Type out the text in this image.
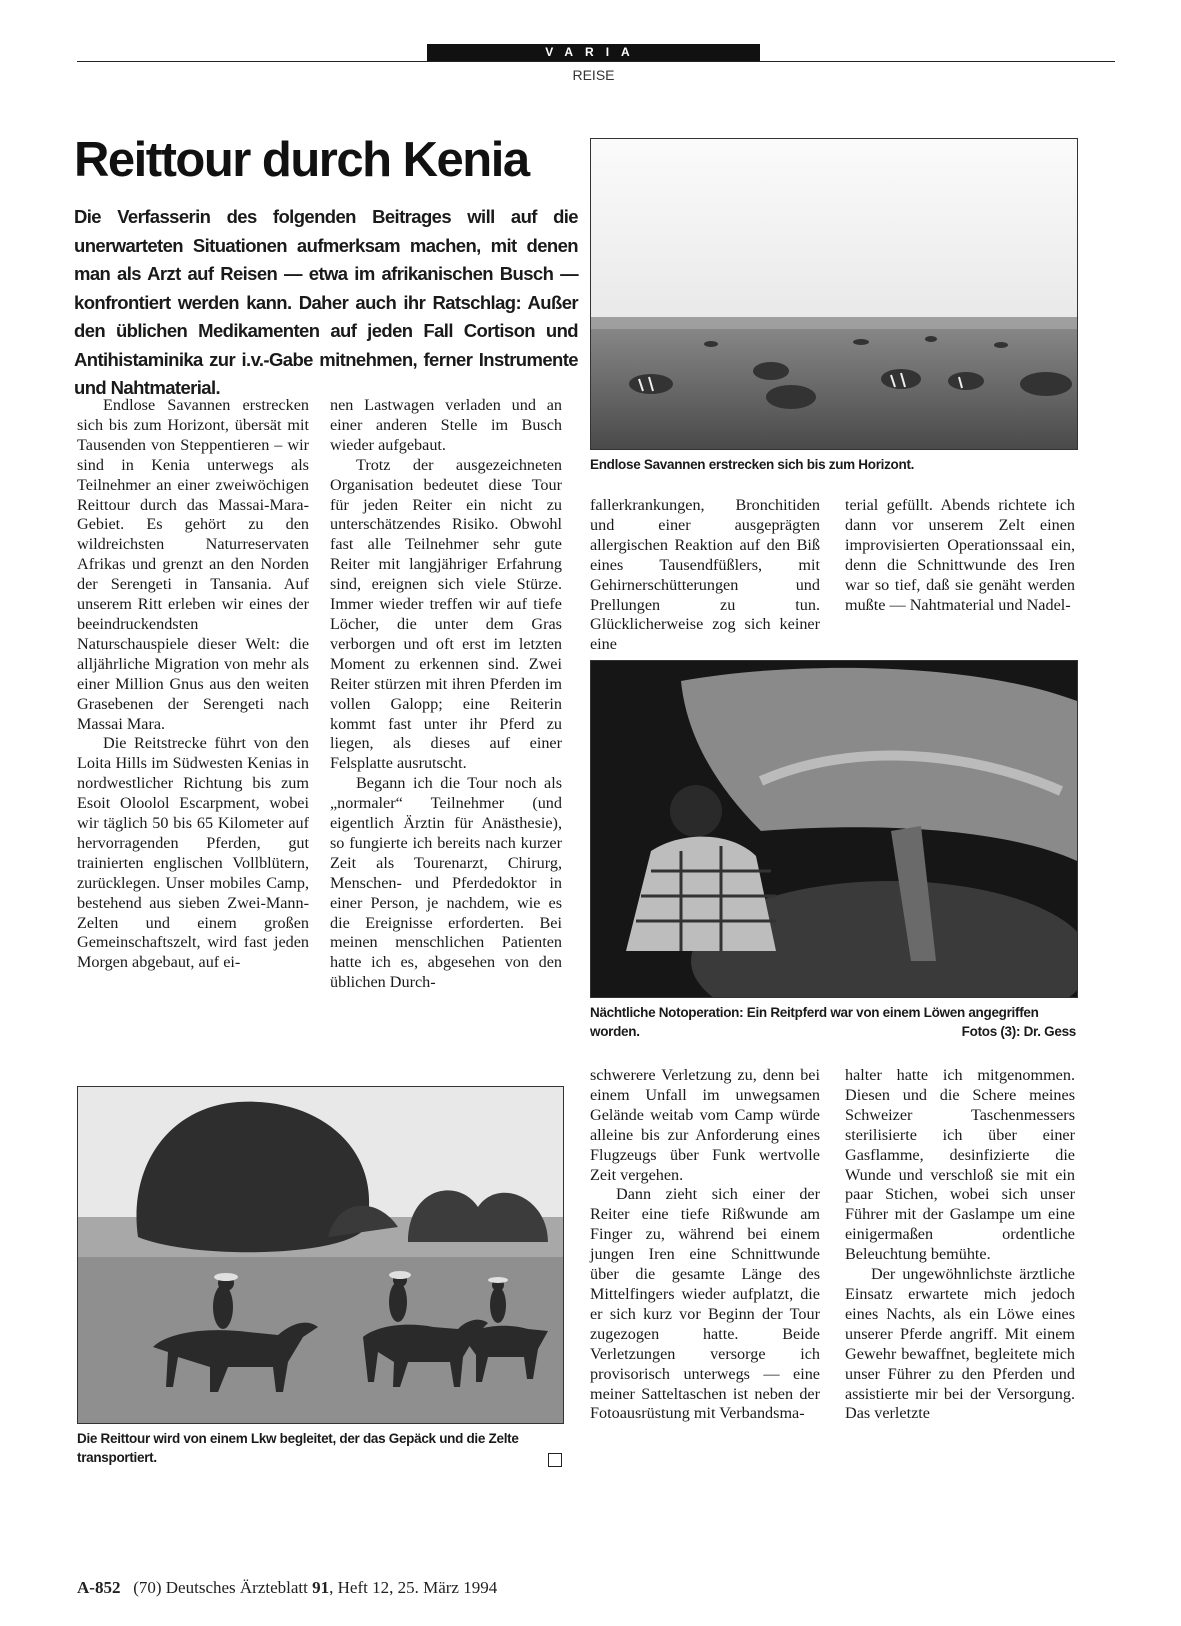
VARIA
REISE
Reittour durch Kenia
Die Verfasserin des folgenden Beitrages will auf die unerwarteten Situationen aufmerksam machen, mit denen man als Arzt auf Reisen — etwa im afrikanischen Busch — konfrontiert werden kann. Daher auch ihr Ratschlag: Außer den üblichen Medikamenten auf jeden Fall Cortison und Antihistaminika zur i.v.-Gabe mitnehmen, ferner Instrumente und Nahtmaterial.

Endlose Savannen erstrecken sich bis zum Horizont, übersät mit Tausenden von Steppentieren – wir sind in Kenia unterwegs als Teilnehmer an einer zweiwöchigen Reittour durch das Massai-Mara-Gebiet. Es gehört zu den wildreichsten Naturreservaten Afrikas und grenzt an den Norden der Serengeti in Tansania. Auf unserem Ritt erleben wir eines der beeindruckendsten Naturschauspiele dieser Welt: die alljährliche Migration von mehr als einer Million Gnus aus den weiten Grasebenen der Serengeti nach Massai Mara.

Die Reitstrecke führt von den Loita Hills im Südwesten Kenias in nordwestlicher Richtung bis zum Esoit Oloolol Escarpment, wobei wir täglich 50 bis 65 Kilometer auf hervorragenden Pferden, gut trainierten englischen Vollblütern, zurücklegen. Unser mobiles Camp, bestehend aus sieben Zwei-Mann-Zelten und einem großen Gemeinschaftszelt, wird fast jeden Morgen abgebaut, auf ei-

nen Lastwagen verladen und an einer anderen Stelle im Busch wieder aufgebaut.

Trotz der ausgezeichneten Organisation bedeutet diese Tour für jeden Reiter ein nicht zu unterschätzendes Risiko. Obwohl fast alle Teilnehmer sehr gute Reiter mit langjähriger Erfahrung sind, ereignen sich viele Stürze. Immer wieder treffen wir auf tiefe Löcher, die unter dem Gras verborgen und oft erst im letzten Moment zu erkennen sind. Zwei Reiter stürzen mit ihren Pferden im vollen Galopp; eine Reiterin kommt fast unter ihr Pferd zu liegen, als dieses auf einer Felsplatte ausrutscht.

Begann ich die Tour noch als „normaler“ Teilnehmer (und eigentlich Ärztin für Anästhesie), so fungierte ich bereits nach kurzer Zeit als Tourenarzt, Chirurg, Menschen- und Pferdedoktor in einer Person, je nachdem, wie es die Ereignisse erforderten. Bei meinen menschlichen Patienten hatte ich es, abgesehen von den üblichen Durch-

Endlose Savannen erstrecken sich bis zum Horizont.

fallerkrankungen, Bronchitiden und einer ausgeprägten allergischen Reaktion auf den Biß eines Tausendfüßlers, mit Gehirnerschütterungen und Prellungen zu tun. Glücklicherweise zog sich keiner eine

terial gefüllt. Abends richtete ich dann vor unserem Zelt einen improvisierten Operationssaal ein, denn die Schnittwunde des Iren war so tief, daß sie genäht werden mußte — Nahtmaterial und Nadel-

Nächtliche Notoperation: Ein Reitpferd war von einem Löwen angegriffen worden.	Fotos (3): Dr. Gess

schwerere Verletzung zu, denn bei einem Unfall im unwegsamen Gelände weitab vom Camp würde alleine bis zur Anforderung eines Flugzeugs über Funk wertvolle Zeit vergehen.

Dann zieht sich einer der Reiter eine tiefe Rißwunde am Finger zu, während bei einem jungen Iren eine Schnittwunde über die gesamte Länge des Mittelfingers wieder aufplatzt, die er sich kurz vor Beginn der Tour zugezogen hatte. Beide Verletzungen versorge ich provisorisch unterwegs — eine meiner Satteltaschen ist neben der Fotoausrüstung mit Verbandsma-

halter hatte ich mitgenommen. Diesen und die Schere meines Schweizer Taschenmessers sterilisierte ich über einer Gasflamme, desinfizierte die Wunde und verschloß sie mit ein paar Stichen, wobei sich unser Führer mit der Gaslampe um eine einigermaßen ordentliche Beleuchtung bemühte.

Der ungewöhnlichste ärztliche Einsatz erwartete mich jedoch eines Nachts, als ein Löwe eines unserer Pferde angriff. Mit einem Gewehr bewaffnet, begleitete mich unser Führer zu den Pferden und assistierte mir bei der Versorgung. Das verletzte

Die Reittour wird von einem Lkw begleitet, der das Gepäck und die Zelte transportiert.
A-852 (70) Deutsches Ärzteblatt 91, Heft 12, 25. März 1994
